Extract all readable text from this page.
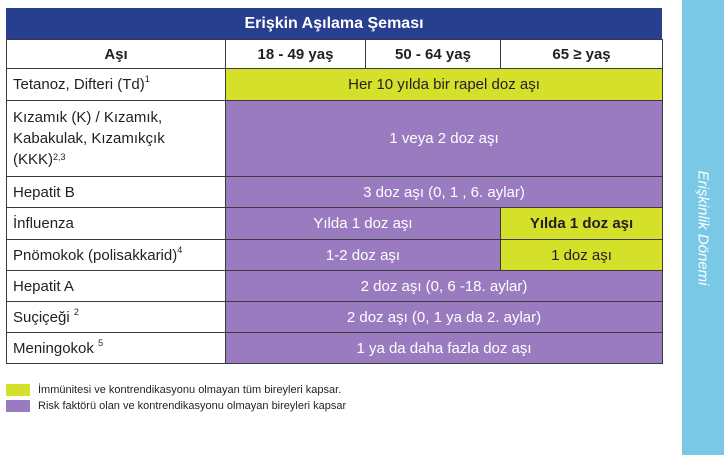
Erişkin Aşılama Şeması
Aşı	18 - 49 yaş	50 - 64 yaş	65 ≥ yaş
Tetanoz, Difteri $(Td)^1$	Her 10 yılda bir rapel doz aşı		
Kızamık (K) / Kızamık,
Kabakulak, Kızamıkçık
(KKK)$^{2,3}$	1 veya 2 doz aşı		
Hepatit B	3 doz aşı (0, 1 , 6. aylar)		
İnfluenza	Yılda 1 doz aşı		Yılda 1 doz aşı
Pnömokok (polisakkarid)$^4$	1-2 doz aşı		1 doz aşı
Hepatit A	2 doz aşı (0, 6 -18. aylar)		
Suçiçeği $^2$	2 doz aşı (0, 1 ya da 2. aylar)		
Meningokok $^5$	1 ya da daha fazla doz aşı		
İmmünitesi ve kontrendikasyonu olmayan tüm bireyleri kapsar.
Risk faktörü olan ve kontrendikasyonu olmayan bireyleri kapsar
Erişkinlik Dönemi
